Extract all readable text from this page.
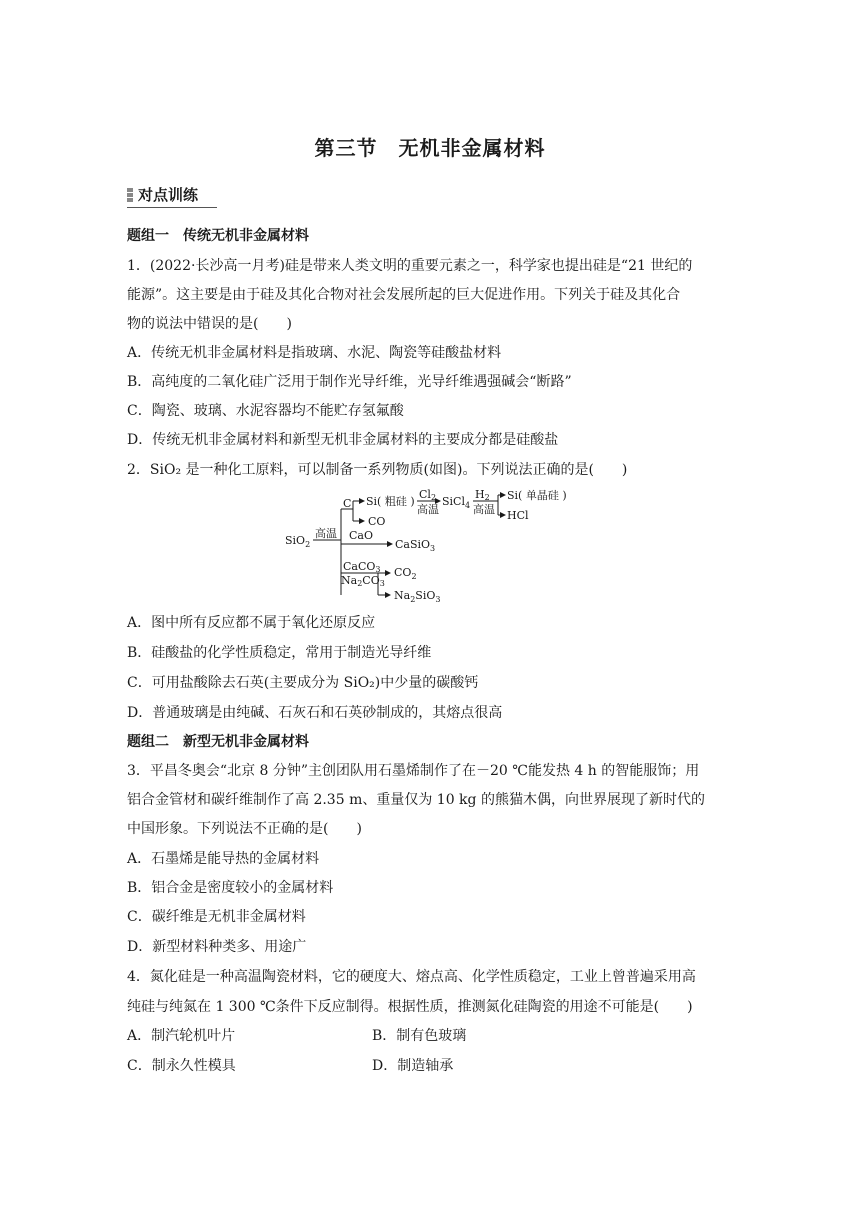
第三节　无机非金属材料
对点训练
题组一　传统无机非金属材料
1．(2022·长沙高一月考)硅是带来人类文明的重要元素之一，科学家也提出硅是“21 世纪的
能源”。这主要是由于硅及其化合物对社会发展所起的巨大促进作用。下列关于硅及其化合
物的说法中错误的是(　　)
A．传统无机非金属材料是指玻璃、水泥、陶瓷等硅酸盐材料
B．高纯度的二氧化硅广泛用于制作光导纤维，光导纤维遇强碱会“断路”
C．陶瓷、玻璃、水泥容器均不能贮存氢氟酸
D．传统无机非金属材料和新型无机非金属材料的主要成分都是硅酸盐
2．SiO₂ 是一种化工原料，可以制备一系列物质(如图)。下列说法正确的是(　　)
SiO$_2$
高温
C Si( 粗硅 )
CO
Cl2
高温
SiCl$_4$
H2
高温
Si( 单晶硅 )
HCl
CaO
CaSiO$_3$
CaCO3
Na2CO3
$CO_2$
$Na_2SiO_3$
A．图中所有反应都不属于氧化还原反应
B．硅酸盐的化学性质稳定，常用于制造光导纤维
C．可用盐酸除去石英(主要成分为 SiO₂)中少量的碳酸钙
D．普通玻璃是由纯碱、石灰石和石英砂制成的，其熔点很高
题组二　新型无机非金属材料
3．平昌冬奥会“北京 8 分钟”主创团队用石墨烯制作了在－20 ℃能发热 4 h 的智能服饰；用
铝合金管材和碳纤维制作了高 2.35 m、重量仅为 10 kg 的熊猫木偶，向世界展现了新时代的
中国形象。下列说法不正确的是(　　)
A．石墨烯是能导热的金属材料
B．铝合金是密度较小的金属材料
C．碳纤维是无机非金属材料
D．新型材料种类多、用途广
4．氮化硅是一种高温陶瓷材料，它的硬度大、熔点高、化学性质稳定，工业上曾普遍采用高
纯硅与纯氮在 1 300 ℃条件下反应制得。根据性质，推测氮化硅陶瓷的用途不可能是(　　)
A．制汽轮机叶片	B．制有色玻璃
C．制永久性模具	D．制造轴承
